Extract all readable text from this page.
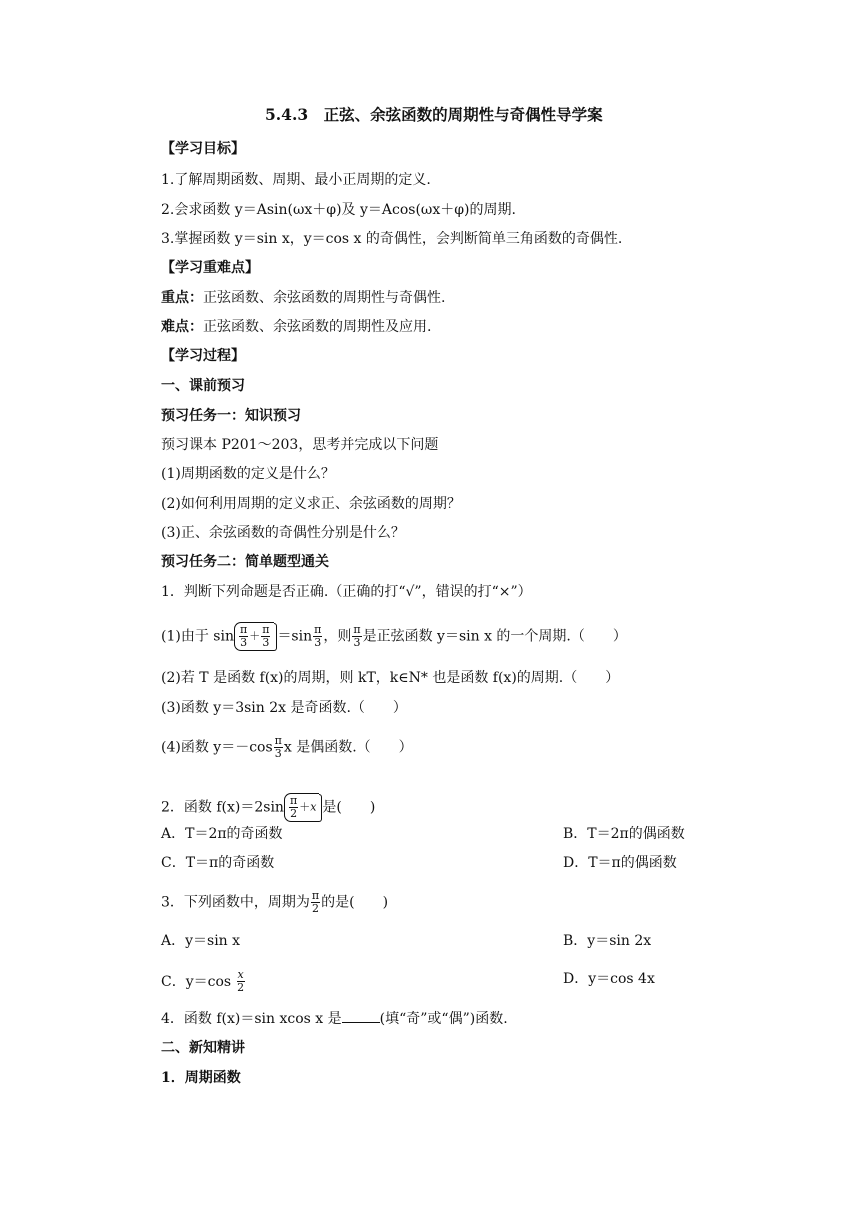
5.4.3　正弦、余弦函数的周期性与奇偶性导学案
【学习目标】
1.了解周期函数、周期、最小正周期的定义.
2.会求函数 y＝Asin(ωx＋φ)及 y＝Acos(ωx＋φ)的周期.
3.掌握函数 y＝sin x，y＝cos x 的奇偶性，会判断简单三角函数的奇偶性.
【学习重难点】
重点：正弦函数、余弦函数的周期性与奇偶性.
难点：正弦函数、余弦函数的周期性及应用.
【学习过程】
一、课前预习
预习任务一：知识预习
预习课本 P201～203，思考并完成以下问题
(1)周期函数的定义是什么？
(2)如何利用周期的定义求正、余弦函数的周期？
(3)正、余弦函数的奇偶性分别是什么？
预习任务二：简单题型通关
1．判断下列命题是否正确.（正确的打“√”，错误的打“×”）
(1)由于 $\sin \frac{\pi}{3} + \frac{\pi}{3} =\sin \frac{\pi}{3}$ ，则 $\frac{\pi}{3}$ 是正弦函数 y＝sin x 的一个周期.（　　）
(2)若 T 是函数 f(x)的周期，则 kT，k∈N* 也是函数 f(x)的周期.（　　）
(3)函数 y＝3sin 2x 是奇函数.（　　）
(4)函数 $y=-\cos \frac{\pi}{3}$ x 是偶函数.（　　）
2．函数 $f(x)=2\sin \frac{\pi}{2} +x$ 是(　　)
A．T＝2π的奇函数	B．T＝2π的偶函数
C．T＝π的奇函数	D．T＝π的偶函数
3．下列函数中，周期为 $\frac{\pi}{2}$ 的是(　　)
A．y＝sin x	B．y＝sin 2x
C．$y=\cos \frac{x}{2}$	D．y＝cos 4x
4．函数 f(x)＝sin xcos x 是	(填“奇”或“偶”)函数.
二、新知精讲
1．周期函数
